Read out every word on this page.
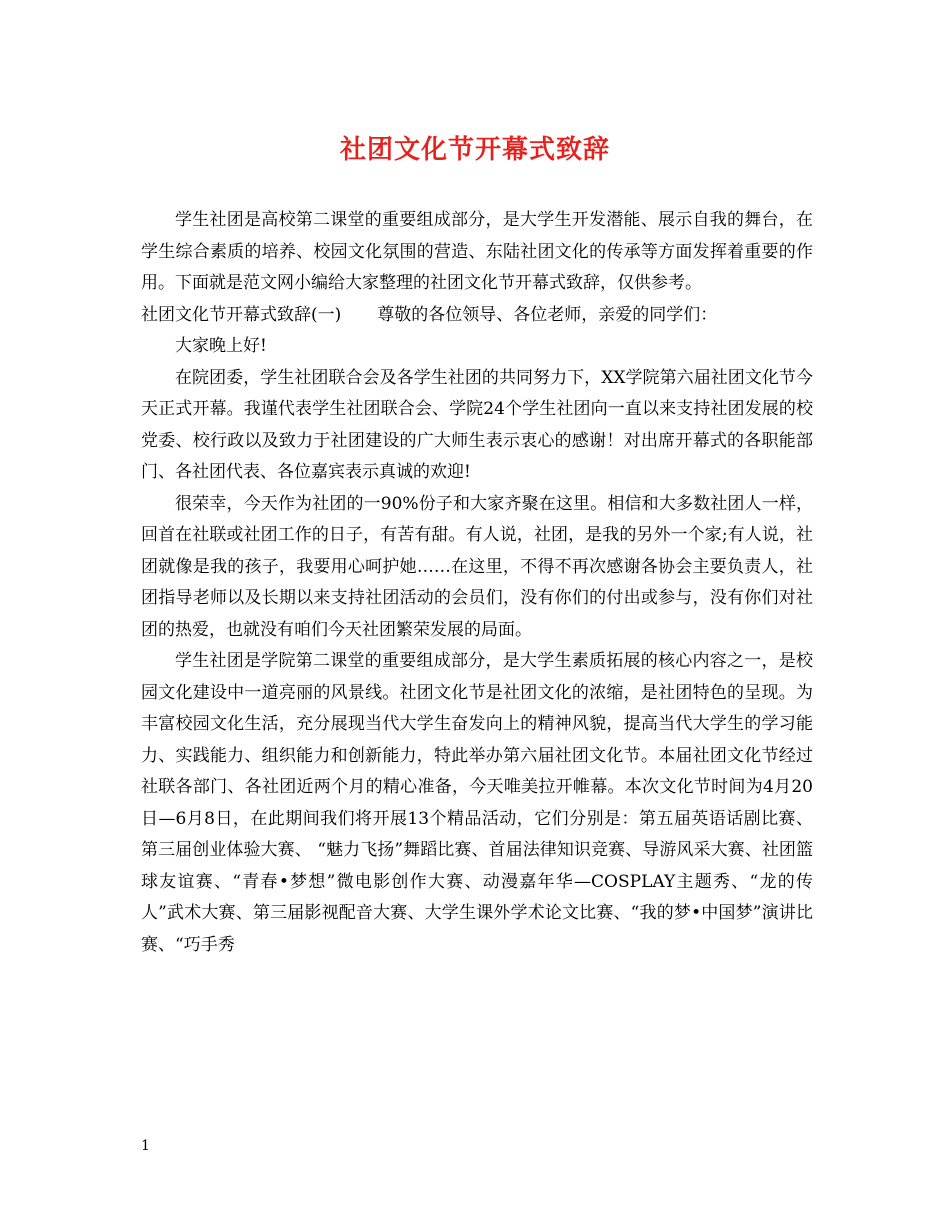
社团文化节开幕式致辞

学生社团是高校第二课堂的重要组成部分，是大学生开发潜能、展示自我的舞台，在学生综合素质的培养、校园文化氛围的营造、东陆社团文化的传承等方面发挥着重要的作用。下面就是范文网小编给大家整理的社团文化节开幕式致辞，仅供参考。

社团文化节开幕式致辞(一) 尊敬的各位领导、各位老师，亲爱的同学们：

大家晚上好!

在院团委，学生社团联合会及各学生社团的共同努力下，XX学院第六届社团文化节今天正式开幕。我谨代表学生社团联合会、学院24个学生社团向一直以来支持社团发展的校党委、校行政以及致力于社团建设的广大师生表示衷心的感谢！对出席开幕式的各职能部门、各社团代表、各位嘉宾表示真诚的欢迎!

很荣幸，今天作为社团的一90%份子和大家齐聚在这里。相信和大多数社团人一样，回首在社联或社团工作的日子，有苦有甜。有人说，社团，是我的另外一个家;有人说，社团就像是我的孩子，我要用心呵护她……在这里，不得不再次感谢各协会主要负责人，社团指导老师以及长期以来支持社团活动的会员们，没有你们的付出或参与，没有你们对社团的热爱，也就没有咱们今天社团繁荣发展的局面。

学生社团是学院第二课堂的重要组成部分，是大学生素质拓展的核心内容之一，是校园文化建设中一道亮丽的风景线。社团文化节是社团文化的浓缩，是社团特色的呈现。为丰富校园文化生活，充分展现当代大学生奋发向上的精神风貌，提高当代大学生的学习能力、实践能力、组织能力和创新能力，特此举办第六届社团文化节。本届社团文化节经过社联各部门、各社团近两个月的精心准备，今天唯美拉开帷幕。本次文化节时间为4月20日—6月8日，在此期间我们将开展13个精品活动，它们分别是：第五届英语话剧比赛、第三届创业体验大赛、 “魅力飞扬”舞蹈比赛、首届法律知识竞赛、导游风采大赛、社团篮球友谊赛、“青春•梦想”微电影创作大赛、动漫嘉年华—COSPLAY主题秀、“龙的传人”武术大赛、第三届影视配音大赛、大学生课外学术论文比赛、“我的梦•中国梦”演讲比赛、“巧手秀

1
